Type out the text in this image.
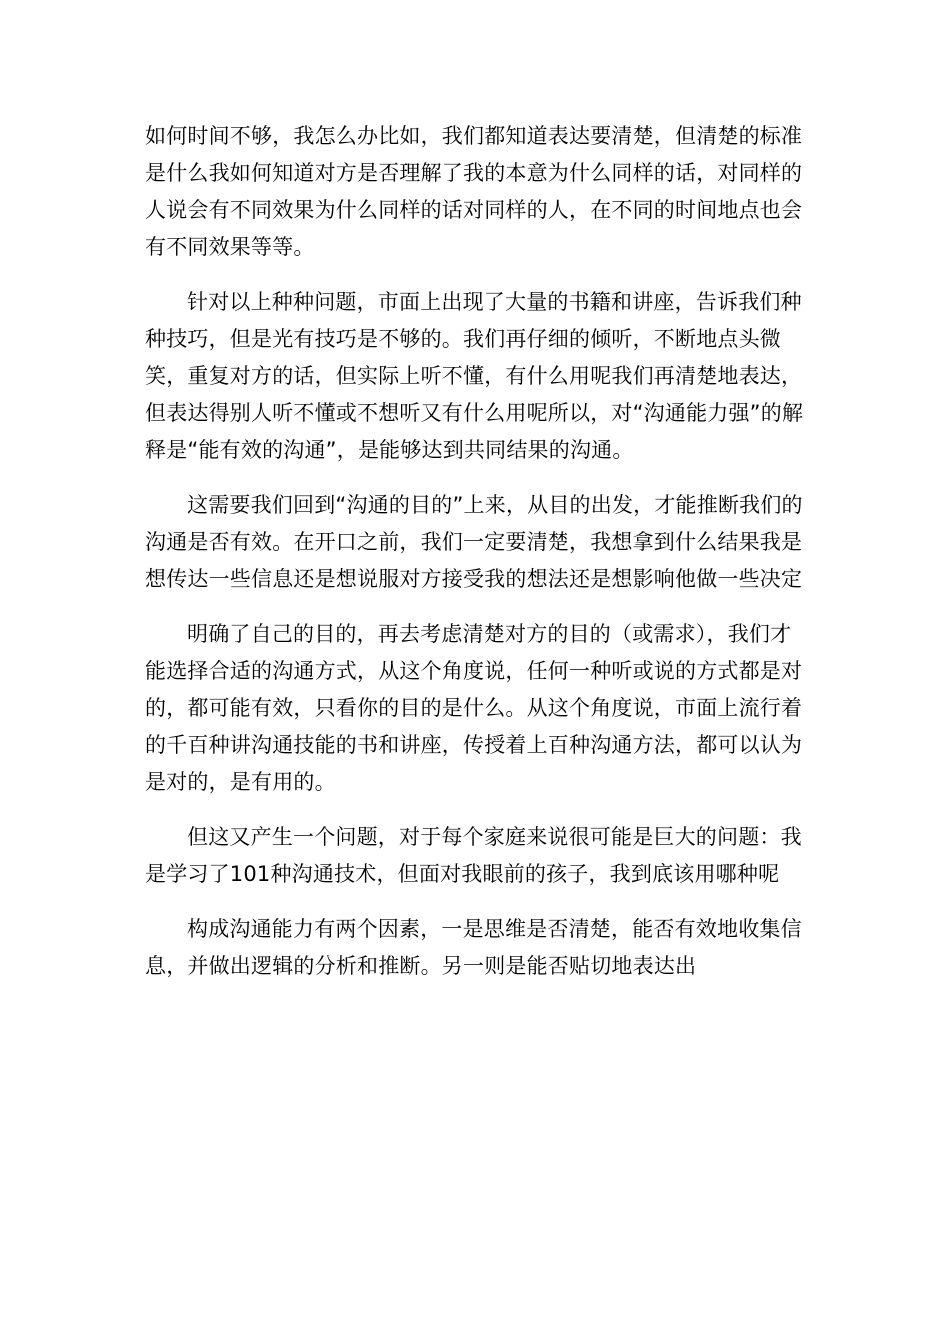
如何时间不够，我怎么办比如，我们都知道表达要清楚，但清楚的标准是什么我如何知道对方是否理解了我的本意为什么同样的话，对同样的人说会有不同效果为什么同样的话对同样的人，在不同的时间地点也会有不同效果等等。

针对以上种种问题，市面上出现了大量的书籍和讲座，告诉我们种种技巧，但是光有技巧是不够的。我们再仔细的倾听，不断地点头微笑，重复对方的话，但实际上听不懂，有什么用呢我们再清楚地表达，但表达得别人听不懂或不想听又有什么用呢所以，对“沟通能力强”的解释是“能有效的沟通”，是能够达到共同结果的沟通。

这需要我们回到“沟通的目的”上来，从目的出发，才能推断我们的沟通是否有效。在开口之前，我们一定要清楚，我想拿到什么结果我是想传达一些信息还是想说服对方接受我的想法还是想影响他做一些决定

明确了自己的目的，再去考虑清楚对方的目的（或需求），我们才能选择合适的沟通方式，从这个角度说，任何一种听或说的方式都是对的，都可能有效，只看你的目的是什么。从这个角度说，市面上流行着的千百种讲沟通技能的书和讲座，传授着上百种沟通方法，都可以认为是对的，是有用的。

但这又产生一个问题，对于每个家庭来说很可能是巨大的问题：我是学习了101种沟通技术，但面对我眼前的孩子，我到底该用哪种呢

构成沟通能力有两个因素，一是思维是否清楚，能否有效地收集信息，并做出逻辑的分析和推断。另一则是能否贴切地表达出
